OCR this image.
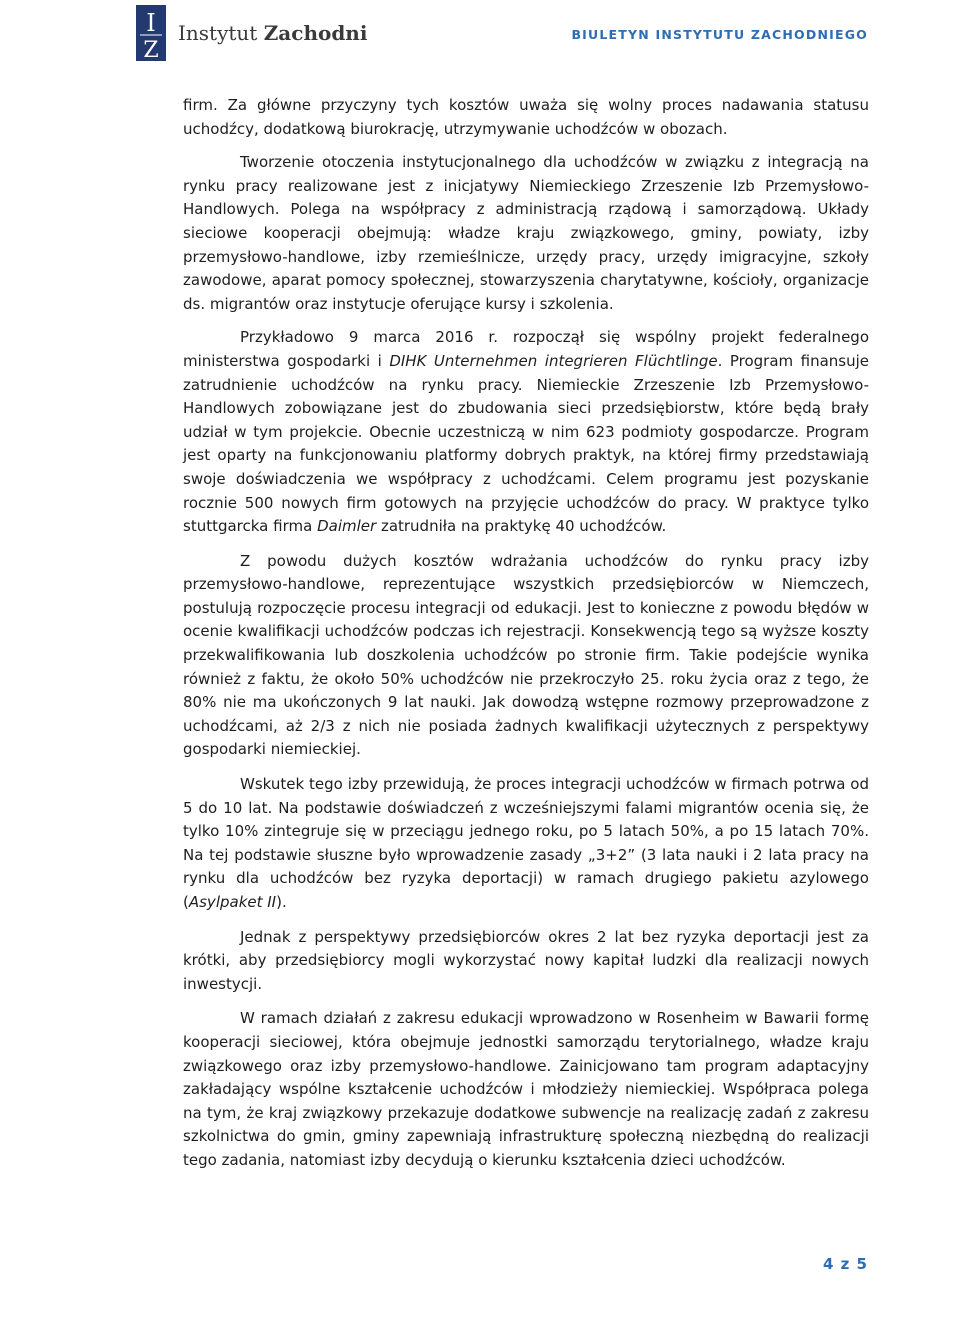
I
Z
Instytut Zachodni	BIULETYN INSTYTUTU ZACHODNIEGO

firm. Za główne przyczyny tych kosztów uważa się wolny proces nadawania statusu uchodźcy, dodatkową biurokrację, utrzymywanie uchodźców w obozach.

Tworzenie otoczenia instytucjonalnego dla uchodźców w związku z integracją na rynku pracy realizowane jest z inicjatywy Niemieckiego Zrzeszenie Izb Przemysłowo-Handlowych. Polega na współpracy z administracją rządową i samorządową. Układy sieciowe kooperacji obejmują: władze kraju związkowego, gminy, powiaty, izby przemysłowo-handlowe, izby rzemieślnicze, urzędy pracy, urzędy imigracyjne, szkoły zawodowe, aparat pomocy społecznej, stowarzyszenia charytatywne, kościoły, organizacje ds. migrantów oraz instytucje oferujące kursy i szkolenia.

Przykładowo 9 marca 2016 r. rozpoczął się wspólny projekt federalnego ministerstwa gospodarki i DIHK Unternehmen integrieren Flüchtlinge. Program finansuje zatrudnienie uchodźców na rynku pracy. Niemieckie Zrzeszenie Izb Przemysłowo-Handlowych zobowiązane jest do zbudowania sieci przedsiębiorstw, które będą brały udział w tym projekcie. Obecnie uczestniczą w nim 623 podmioty gospodarcze. Program jest oparty na funkcjonowaniu platformy dobrych praktyk, na której firmy przedstawiają swoje doświadczenia we współpracy z uchodźcami. Celem programu jest pozyskanie rocznie 500 nowych firm gotowych na przyjęcie uchodźców do pracy. W praktyce tylko stuttgarcka firma Daimler zatrudniła na praktykę 40 uchodźców.

Z powodu dużych kosztów wdrażania uchodźców do rynku pracy izby przemysłowo-handlowe, reprezentujące wszystkich przedsiębiorców w Niemczech, postulują rozpoczęcie procesu integracji od edukacji. Jest to konieczne z powodu błędów w ocenie kwalifikacji uchodźców podczas ich rejestracji. Konsekwencją tego są wyższe koszty przekwalifikowania lub doszkolenia uchodźców po stronie firm. Takie podejście wynika również z faktu, że około 50% uchodźców nie przekroczyło 25. roku życia oraz z tego, że 80% nie ma ukończonych 9 lat nauki. Jak dowodzą wstępne rozmowy przeprowadzone z uchodźcami, aż 2/3 z nich nie posiada żadnych kwalifikacji użytecznych z perspektywy gospodarki niemieckiej.

Wskutek tego izby przewidują, że proces integracji uchodźców w firmach potrwa od 5 do 10 lat. Na podstawie doświadczeń z wcześniejszymi falami migrantów ocenia się, że tylko 10% zintegruje się w przeciągu jednego roku, po 5 latach 50%, a po 15 latach 70%. Na tej podstawie słuszne było wprowadzenie zasady „3+2” (3 lata nauki i 2 lata pracy na rynku dla uchodźców bez ryzyka deportacji) w ramach drugiego pakietu azylowego (Asylpaket II).

Jednak z perspektywy przedsiębiorców okres 2 lat bez ryzyka deportacji jest za krótki, aby przedsiębiorcy mogli wykorzystać nowy kapitał ludzki dla realizacji nowych inwestycji.

W ramach działań z zakresu edukacji wprowadzono w Rosenheim w Bawarii formę kooperacji sieciowej, która obejmuje jednostki samorządu terytorialnego, władze kraju związkowego oraz izby przemysłowo-handlowe. Zainicjowano tam program adaptacyjny zakładający wspólne kształcenie uchodźców i młodzieży niemieckiej. Współpraca polega na tym, że kraj związkowy przekazuje dodatkowe subwencje na realizację zadań z zakresu szkolnictwa do gmin, gminy zapewniają infrastrukturę społeczną niezbędną do realizacji tego zadania, natomiast izby decydują o kierunku kształcenia dzieci uchodźców.

4 z 5
